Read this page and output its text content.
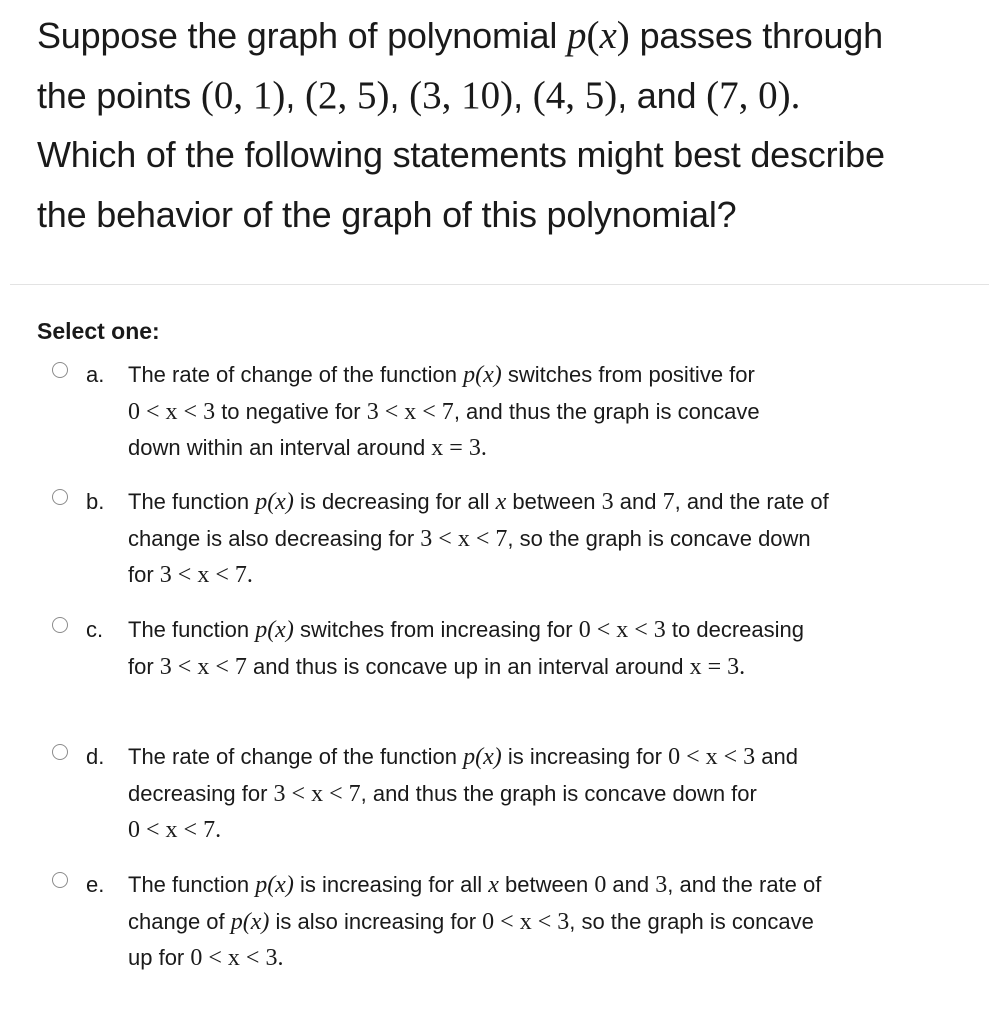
Suppose the graph of polynomial p(x) passes through
the points (0, 1), (2, 5), (3, 10), (4, 5), and (7, 0).
Which of the following statements might best describe
the behavior of the graph of this polynomial?
Select one:
a. The rate of change of the function p(x) switches from positive for
0 < x < 3 to negative for 3 < x < 7, and thus the graph is concave
down within an interval around x = 3.
b. The function p(x) is decreasing for all x between 3 and 7, and the rate of
change is also decreasing for 3 < x < 7, so the graph is concave down
for 3 < x < 7.
c. The function p(x) switches from increasing for 0 < x < 3 to decreasing
for 3 < x < 7 and thus is concave up in an interval around x = 3.
d. The rate of change of the function p(x) is increasing for 0 < x < 3 and
decreasing for 3 < x < 7, and thus the graph is concave down for
0 < x < 7.
e. The function p(x) is increasing for all x between 0 and 3, and the rate of
change of p(x) is also increasing for 0 < x < 3, so the graph is concave
up for 0 < x < 3.
